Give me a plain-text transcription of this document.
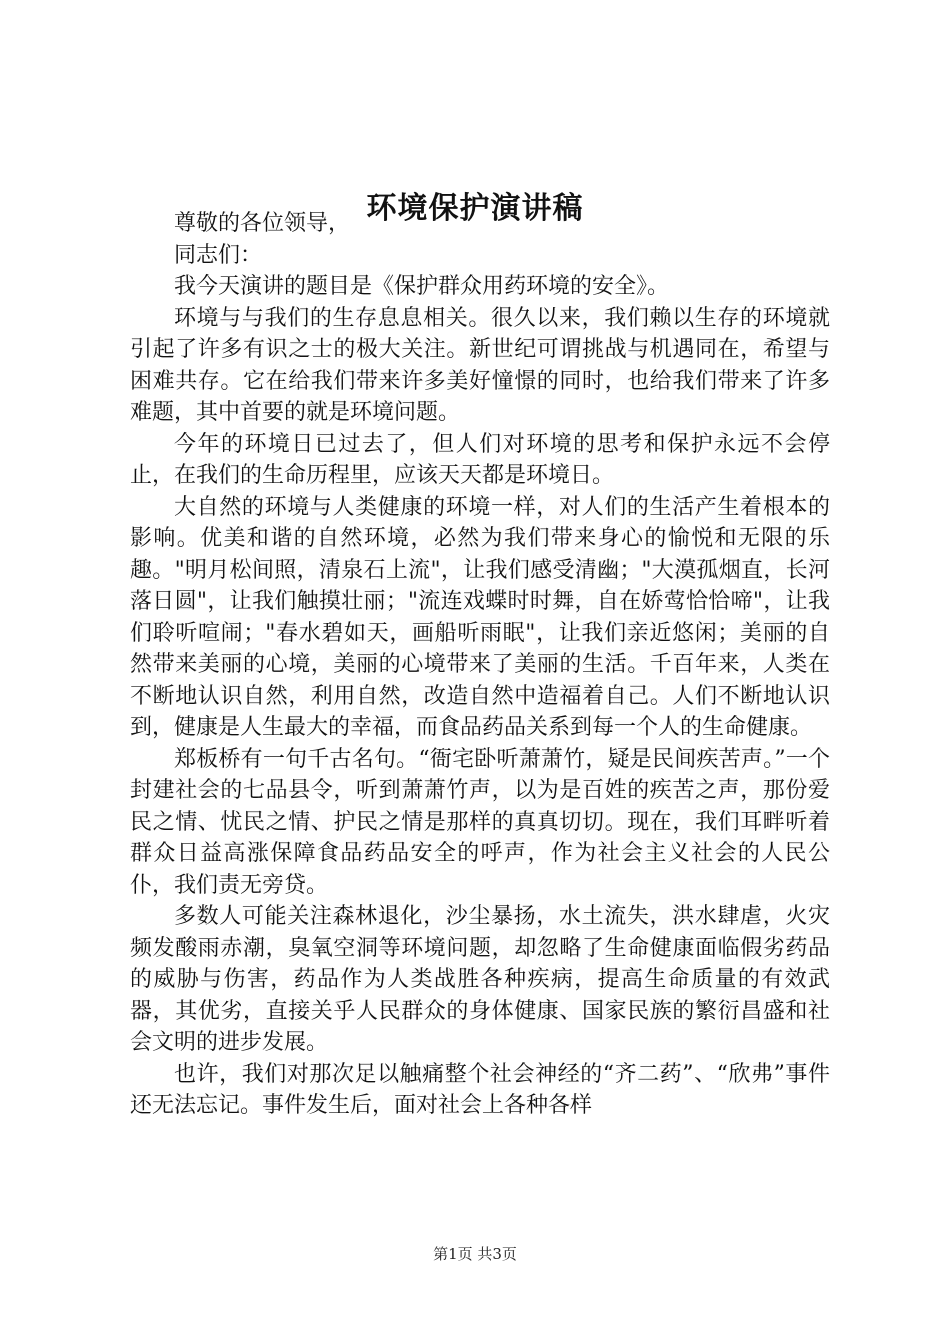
环境保护演讲稿

尊敬的各位领导，

同志们：

我今天演讲的题目是《保护群众用药环境的安全》。

环境与与我们的生存息息相关。很久以来，我们赖以生存的环境就引起了许多有识之士的极大关注。新世纪可谓挑战与机遇同在，希望与困难共存。它在给我们带来许多美好憧憬的同时，也给我们带来了许多难题，其中首要的就是环境问题。

今年的环境日已过去了，但人们对环境的思考和保护永远不会停止，在我们的生命历程里，应该天天都是环境日。

大自然的环境与人类健康的环境一样，对人们的生活产生着根本的影响。优美和谐的自然环境，必然为我们带来身心的愉悦和无限的乐趣。"明月松间照，清泉石上流"，让我们感受清幽；"大漠孤烟直，长河落日圆"，让我们触摸壮丽；"流连戏蝶时时舞，自在娇莺恰恰啼"，让我们聆听喧闹；"春水碧如天，画船听雨眠"，让我们亲近悠闲；美丽的自然带来美丽的心境，美丽的心境带来了美丽的生活。千百年来，人类在不断地认识自然，利用自然，改造自然中造福着自己。人们不断地认识到，健康是人生最大的幸福，而食品药品关系到每一个人的生命健康。

郑板桥有一句千古名句。“衙宅卧听萧萧竹，疑是民间疾苦声。”一个封建社会的七品县令，听到萧萧竹声，以为是百姓的疾苦之声，那份爱民之情、忧民之情、护民之情是那样的真真切切。现在，我们耳畔听着群众日益高涨保障食品药品安全的呼声，作为社会主义社会的人民公仆，我们责无旁贷。

多数人可能关注森林退化，沙尘暴扬，水土流失，洪水肆虐，火灾频发酸雨赤潮，臭氧空洞等环境问题，却忽略了生命健康面临假劣药品的威胁与伤害，药品作为人类战胜各种疾病，提高生命质量的有效武器，其优劣，直接关乎人民群众的身体健康、国家民族的繁衍昌盛和社会文明的进步发展。

也许，我们对那次足以触痛整个社会神经的“齐二药”、“欣弗”事件还无法忘记。事件发生后，面对社会上各种各样

第1页 共3页
